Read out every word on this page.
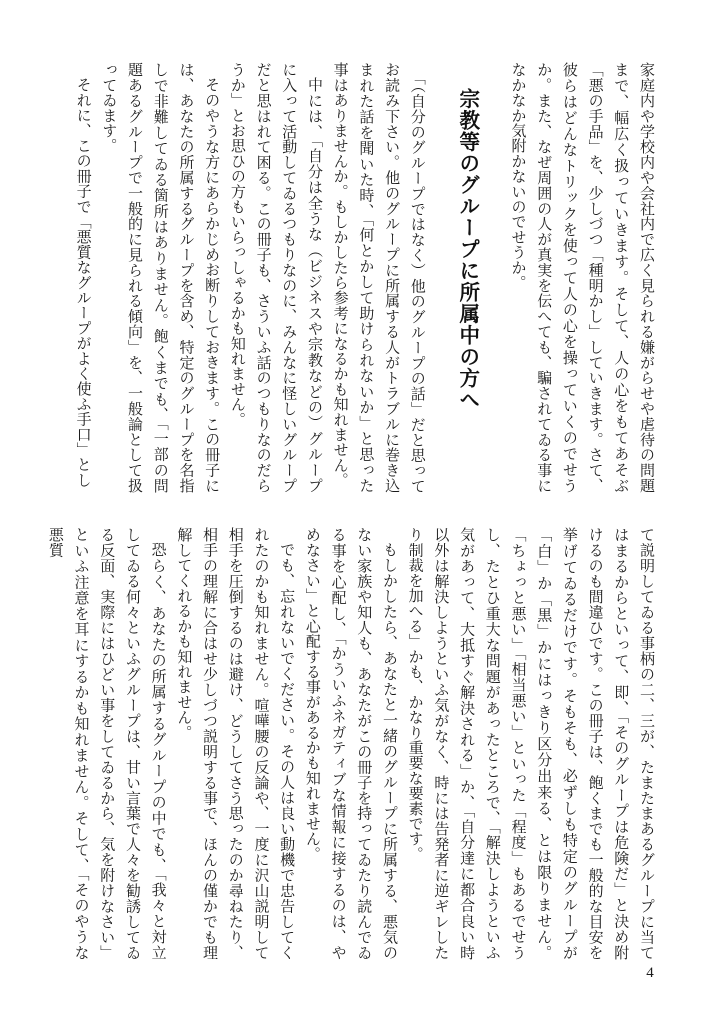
家庭内や学校内や会社内で広く見られる嫌がらせや虐待の問題まで、幅広く扱っていきます。そして、人の心をもてあそぶ「悪の手品」を、少しづつ「種明かし」していきます。さて、彼らはどんなトリックを使って人の心を操っていくのでせうか。また、なぜ周囲の人が真実を伝へても、騙されてゐる事になかなか気附かないのでせうか。

宗教等のグループに所属中の方へ

「（自分のグループではなく）他のグループの話」だと思ってお読み下さい。他のグループに所属する人がトラブルに巻き込まれた話を聞いた時、「何とかして助けられないか」と思った事はありませんか。もしかしたら参考になるかも知れません。

中には、「自分は全うな（ビジネスや宗教などの）グループに入って活動してゐるつもりなのに、みんなに怪しいグループだと思はれて困る。この冊子も、さういふ話のつもりなのだらうか」とお思ひの方もいらっしゃるかも知れません。

そのやうな方にあらかじめお断りしておきます。この冊子には、あなたの所属するグループを含め、特定のグループを名指しで非難してゐる箇所はありません。飽くまでも、「一部の問題あるグループで一般的に見られる傾向」を、一般論として扱ってゐます。

それに、この冊子で「悪質なグループがよく使ふ手口」とし

て説明してゐる事柄の二、三が、たまたまあるグループに当てはまるからといって、即、「そのグループは危険だ」と決め附けるのも間違ひです。この冊子は、飽くまでも一般的な目安を挙げてゐるだけです。そもそも、必ずしも特定のグループが「白」か「黒」かにはっきり区分出来る、とは限りません。「ちょっと悪い」「相当悪い」といった「程度」もあるでせうし、たとひ重大な問題があったところで、「解決しようといふ気があって、大抵すぐ解決される」か、「自分達に都合良い時以外は解決しようといふ気がなく、時には告発者に逆ギレしたり制裁を加へる」かも、かなり重要な要素です。

もしかしたら、あなたと一緒のグループに所属する、悪気のない家族や知人も、あなたがこの冊子を持ってゐたり読んでゐる事を心配し、「かういふネガティブな情報に接するのは、やめなさい」と心配する事があるかも知れません。

でも、忘れないでください。その人は良い動機で忠告してくれたのかも知れません。喧嘩腰の反論や、一度に沢山説明して相手を圧倒するのは避け、どうしてさう思ったのか尋ねたり、相手の理解に合はせ少しづつ説明する事で、ほんの僅かでも理解してくれるかも知れません。

恐らく、あなたの所属するグループの中でも、「我々と対立してゐる何々といふグループは、甘い言葉で人々を勧誘してゐる反面、実際にはひどい事をしてゐるから、気を附けなさい」といふ注意を耳にするかも知れません。そして、「そのやうな悪質

4
